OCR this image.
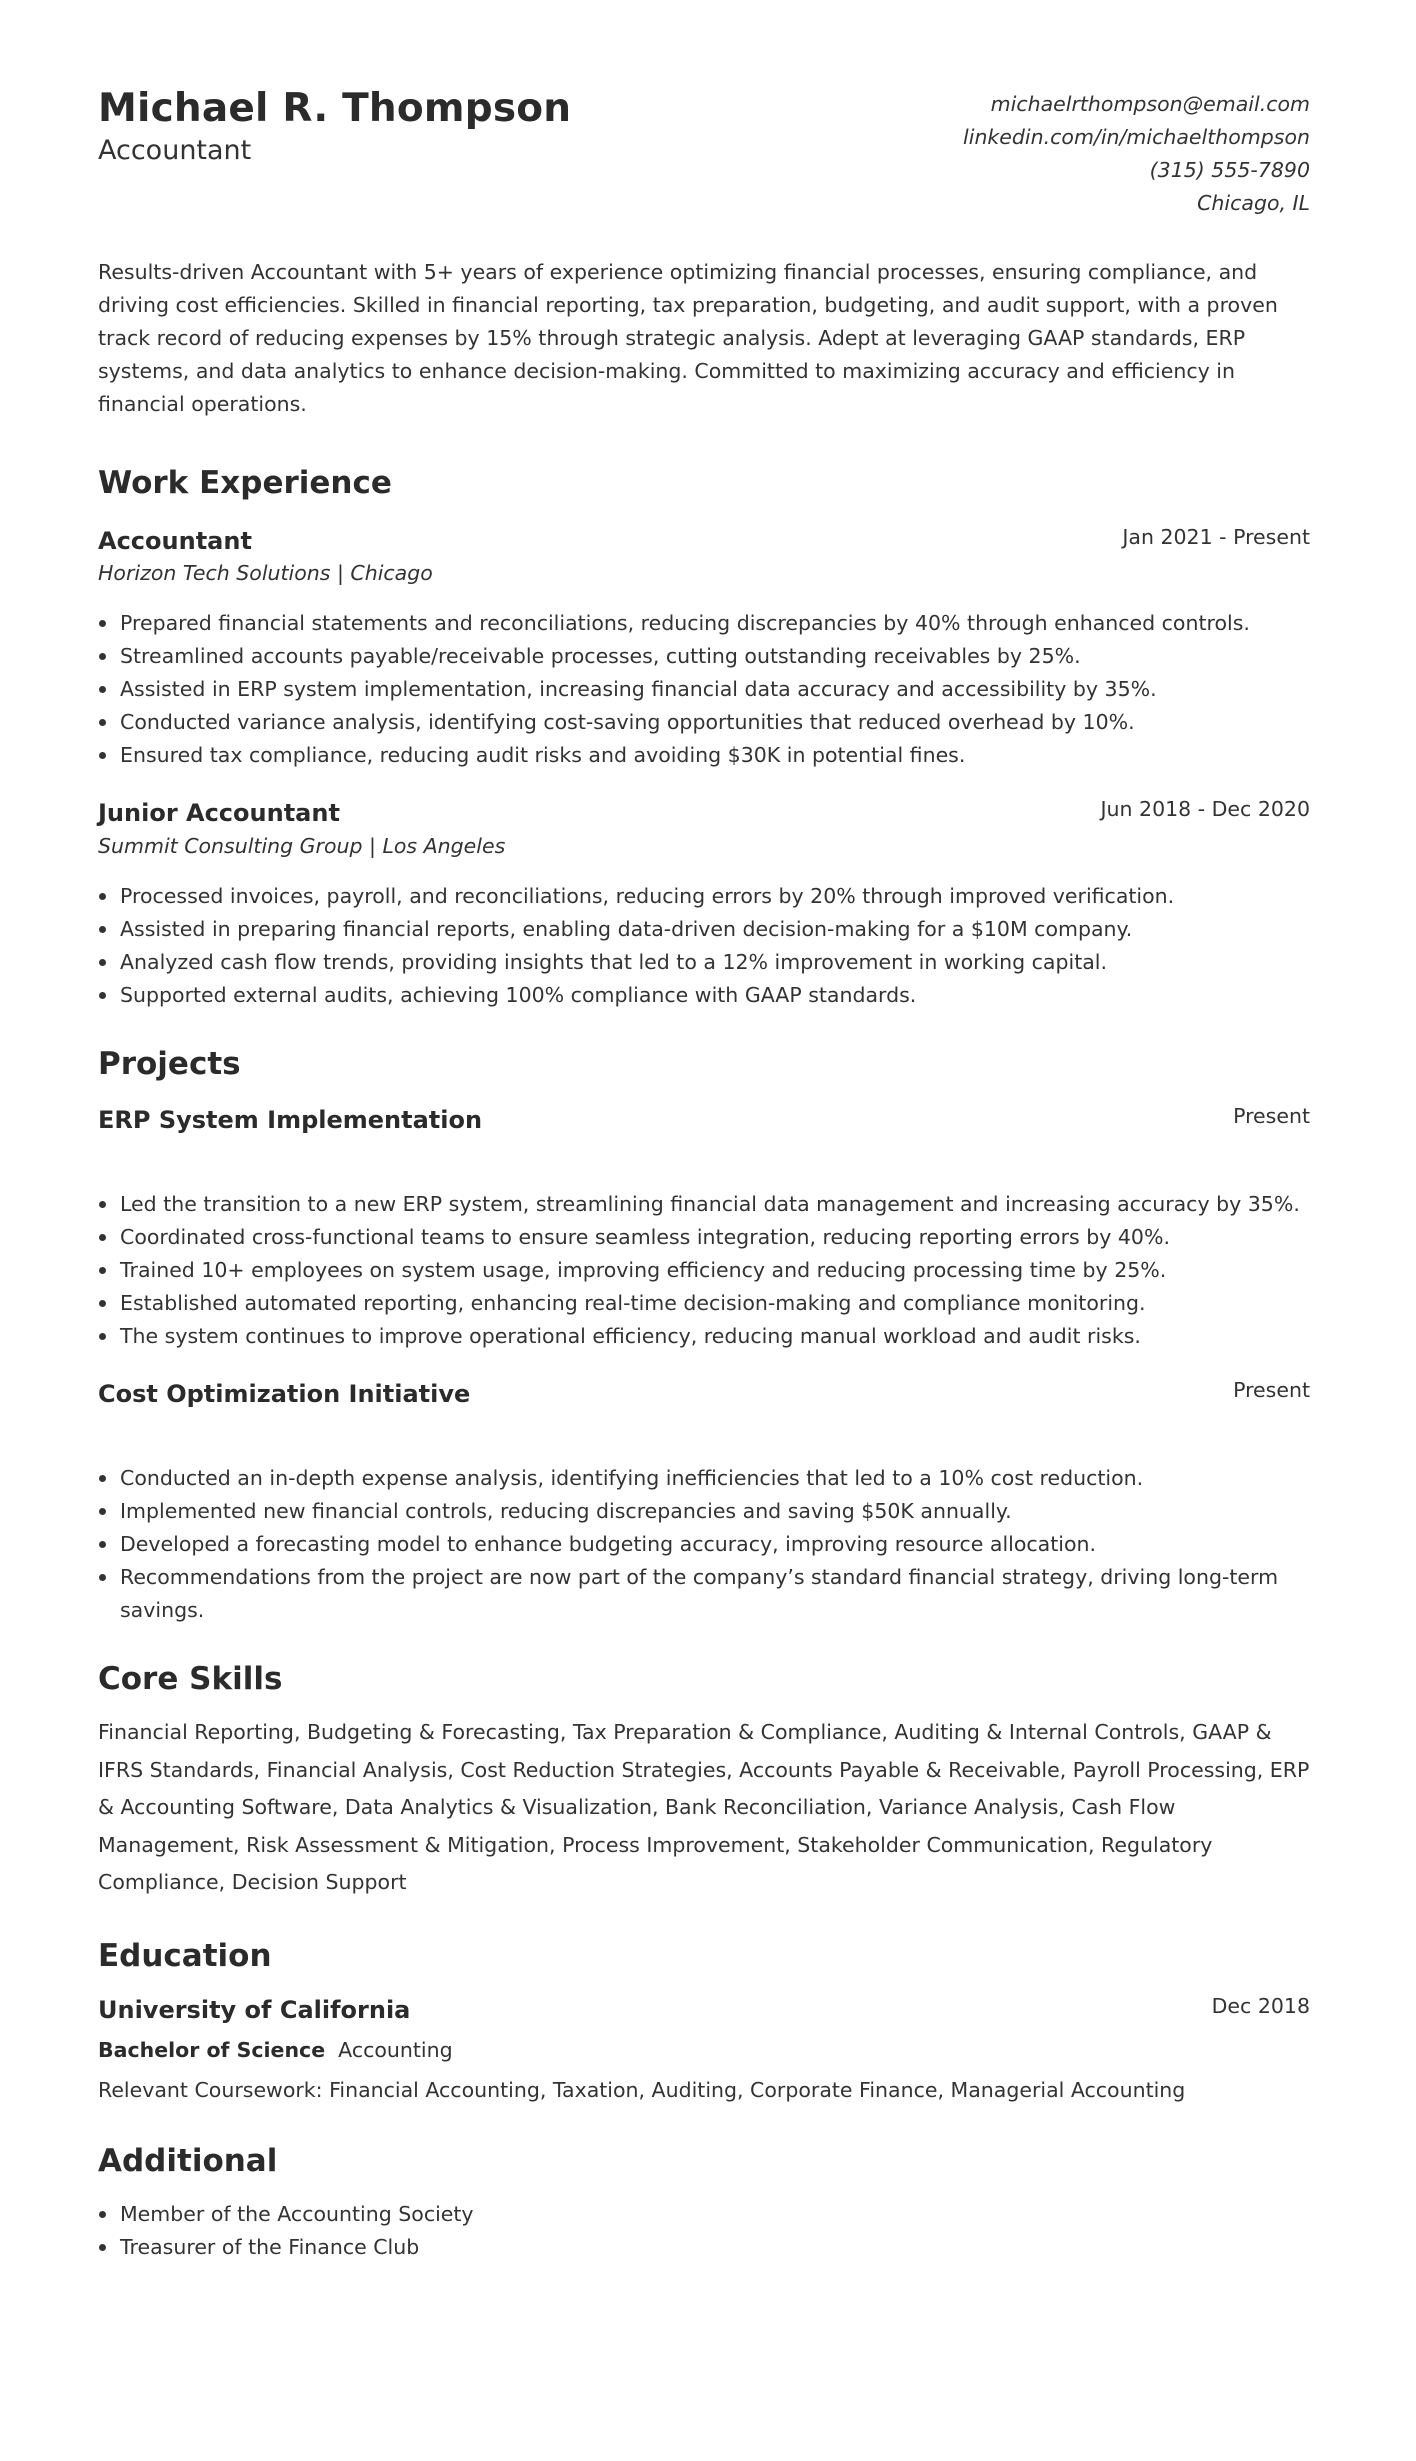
Michael R. Thompson
Accountant
michaelrthompson@email.com
linkedin.com/in/michaelthompson
(315) 555-7890
Chicago, IL

Results-driven Accountant with 5+ years of experience optimizing financial processes, ensuring compliance, and driving cost efficiencies. Skilled in financial reporting, tax preparation, budgeting, and audit support, with a proven track record of reducing expenses by 15% through strategic analysis. Adept at leveraging GAAP standards, ERP systems, and data analytics to enhance decision-making. Committed to maximizing accuracy and efficiency in financial operations.

Work Experience
Accountant	Jan 2021 - Present
Horizon Tech Solutions | Chicago
Prepared financial statements and reconciliations, reducing discrepancies by 40% through enhanced controls.
Streamlined accounts payable/receivable processes, cutting outstanding receivables by 25%.
Assisted in ERP system implementation, increasing financial data accuracy and accessibility by 35%.
Conducted variance analysis, identifying cost-saving opportunities that reduced overhead by 10%.
Ensured tax compliance, reducing audit risks and avoiding $30K in potential fines.
Junior Accountant	Jun 2018 - Dec 2020
Summit Consulting Group | Los Angeles
Processed invoices, payroll, and reconciliations, reducing errors by 20% through improved verification.
Assisted in preparing financial reports, enabling data-driven decision-making for a $10M company.
Analyzed cash flow trends, providing insights that led to a 12% improvement in working capital.
Supported external audits, achieving 100% compliance with GAAP standards.
Projects
ERP System Implementation	Present
Led the transition to a new ERP system, streamlining financial data management and increasing accuracy by 35%.
Coordinated cross-functional teams to ensure seamless integration, reducing reporting errors by 40%.
Trained 10+ employees on system usage, improving efficiency and reducing processing time by 25%.
Established automated reporting, enhancing real-time decision-making and compliance monitoring.
The system continues to improve operational efficiency, reducing manual workload and audit risks.
Cost Optimization Initiative	Present
Conducted an in-depth expense analysis, identifying inefficiencies that led to a 10% cost reduction.
Implemented new financial controls, reducing discrepancies and saving $50K annually.
Developed a forecasting model to enhance budgeting accuracy, improving resource allocation.
Recommendations from the project are now part of the company’s standard financial strategy, driving long-term savings.
Core Skills
Financial Reporting, Budgeting & Forecasting, Tax Preparation & Compliance, Auditing & Internal Controls, GAAP & IFRS Standards, Financial Analysis, Cost Reduction Strategies, Accounts Payable & Receivable, Payroll Processing, ERP & Accounting Software, Data Analytics & Visualization, Bank Reconciliation, Variance Analysis, Cash Flow Management, Risk Assessment & Mitigation, Process Improvement, Stakeholder Communication, Regulatory Compliance, Decision Support
Education
University of California	Dec 2018
Bachelor of Science Accounting
Relevant Coursework: Financial Accounting, Taxation, Auditing, Corporate Finance, Managerial Accounting
Additional
Member of the Accounting Society
Treasurer of the Finance Club
